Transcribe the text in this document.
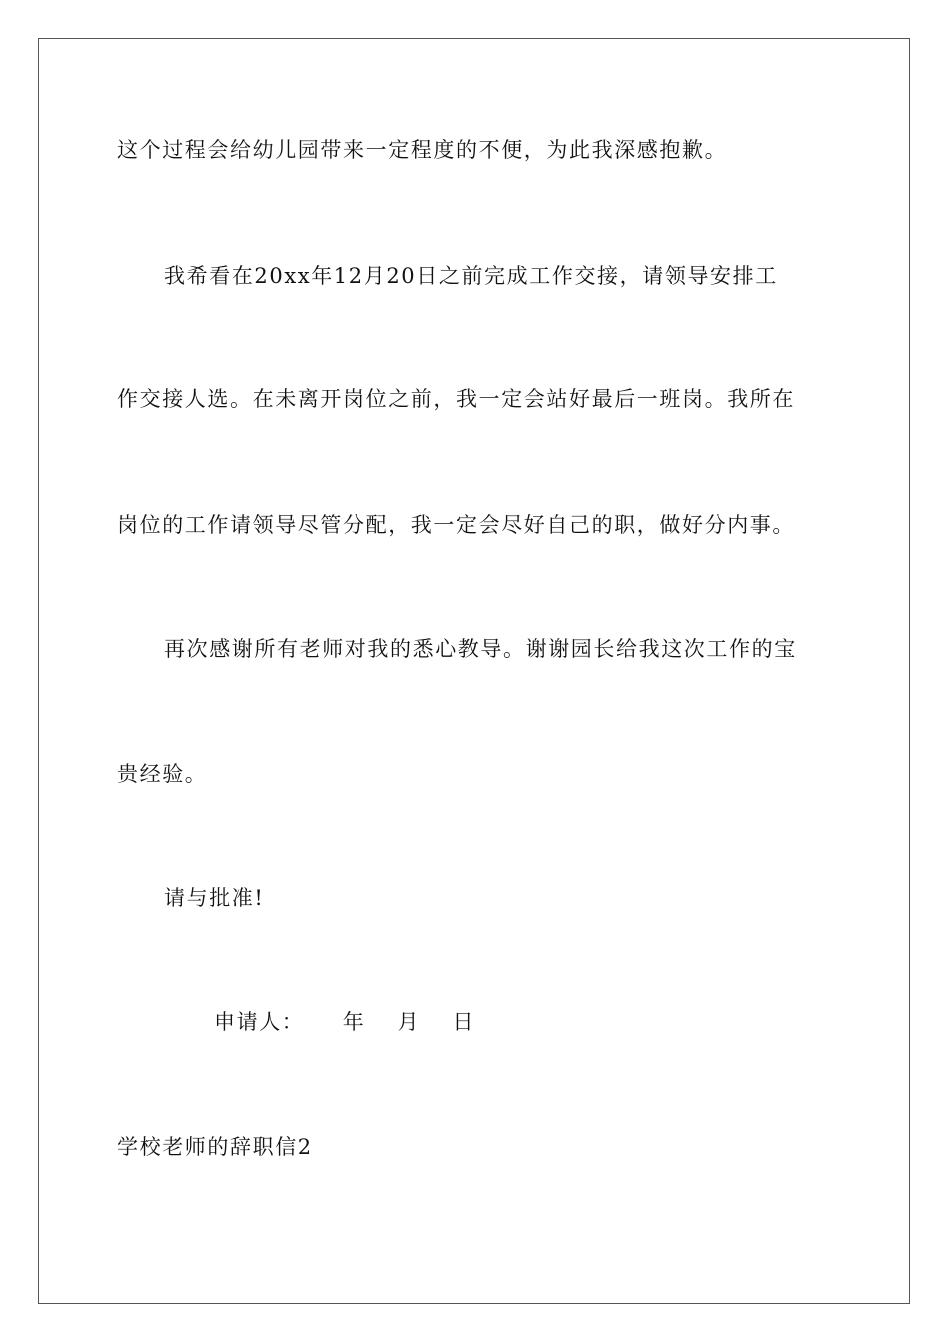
这个过程会给幼儿园带来一定程度的不便，为此我深感抱歉。
我希看在20xx年12月20日之前完成工作交接，请领导安排工
作交接人选。在未离开岗位之前，我一定会站好最后一班岗。我所在
岗位的工作请领导尽管分配，我一定会尽好自己的职，做好分内事。
再次感谢所有老师对我的悉心教导。谢谢园长给我这次工作的宝
贵经验。
请与批准!
申请人： 年 月 日
学校老师的辞职信2
